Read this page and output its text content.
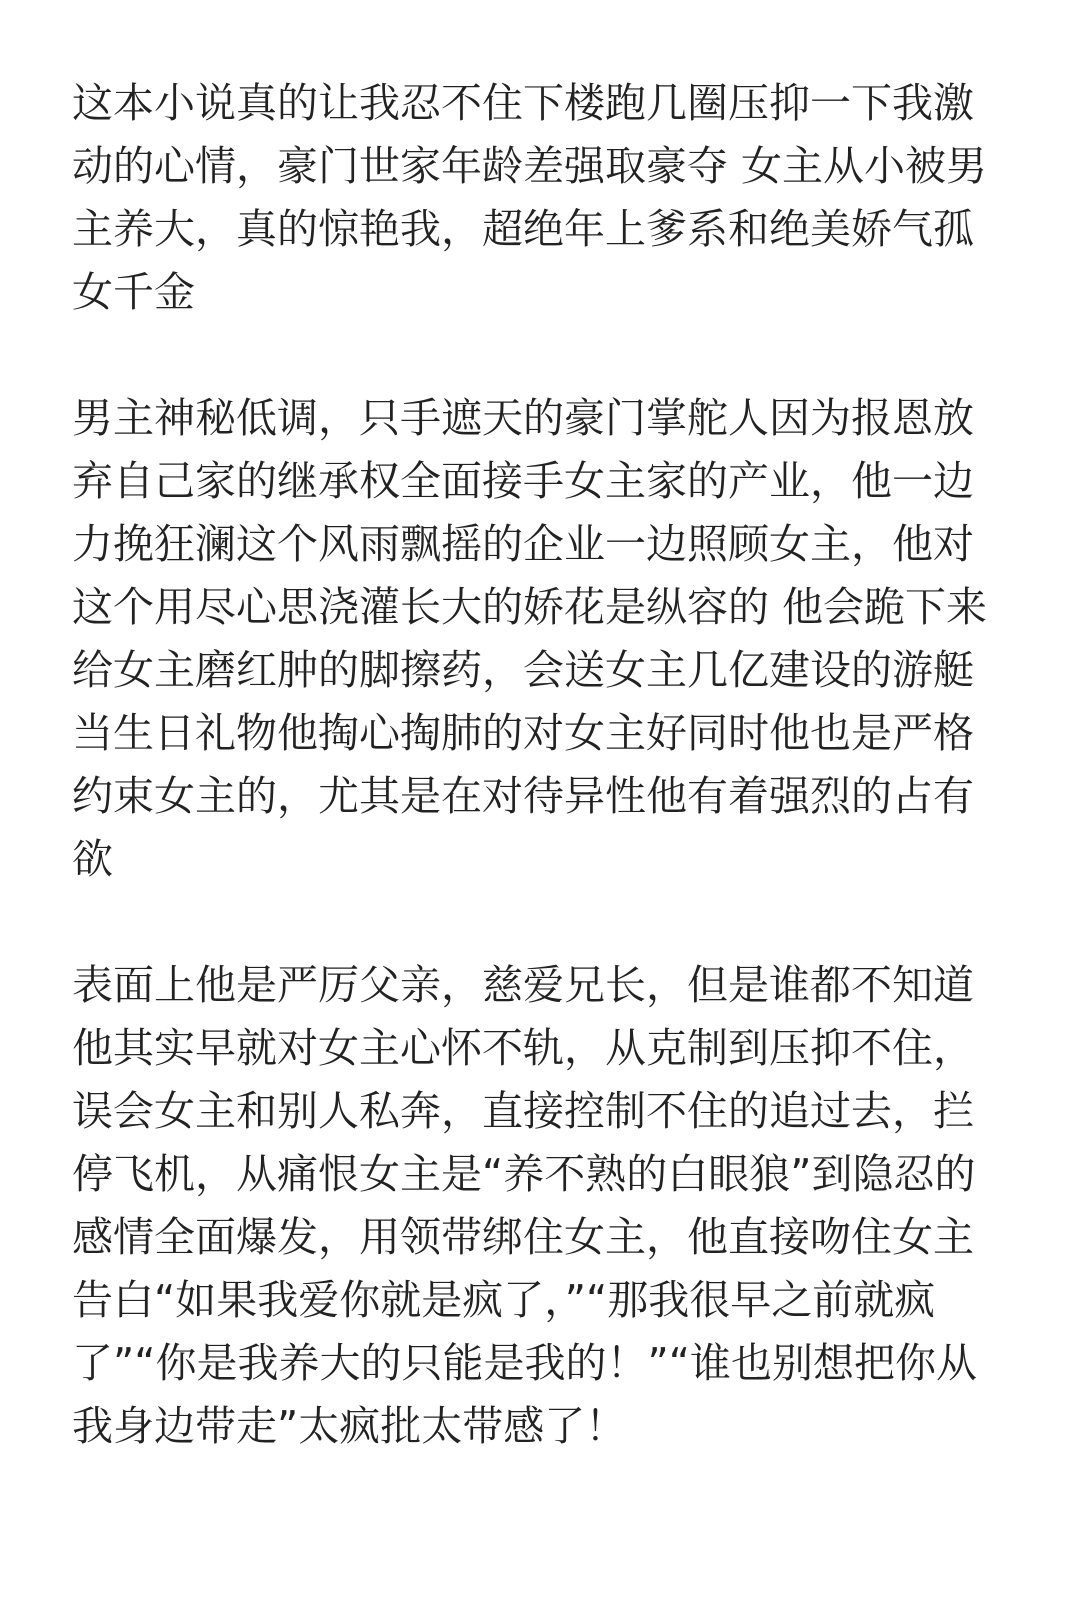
这本小说真的让我忍不住下楼跑几圈压抑一下我激动的心情，豪门世家年龄差强取豪夺 女主从小被男主养大，真的惊艳我，超绝年上爹系和绝美娇气孤女千金

男主神秘低调，只手遮天的豪门掌舵人因为报恩放弃自己家的继承权全面接手女主家的产业，他一边力挽狂澜这个风雨飘摇的企业一边照顾女主，他对这个用尽心思浇灌长大的娇花是纵容的 他会跪下来给女主磨红肿的脚擦药，会送女主几亿建设的游艇当生日礼物他掏心掏肺的对女主好同时他也是严格约束女主的，尤其是在对待异性他有着强烈的占有欲

表面上他是严厉父亲，慈爱兄长，但是谁都不知道他其实早就对女主心怀不轨，从克制到压抑不住，误会女主和别人私奔，直接控制不住的追过去，拦停飞机，从痛恨女主是“养不熟的白眼狼”到隐忍的感情全面爆发，用领带绑住女主，他直接吻住女主告白“如果我爱你就是疯了，”“那我很早之前就疯了”“你是我养大的只能是我的！”“谁也别想把你从我身边带走”太疯批太带感了！
